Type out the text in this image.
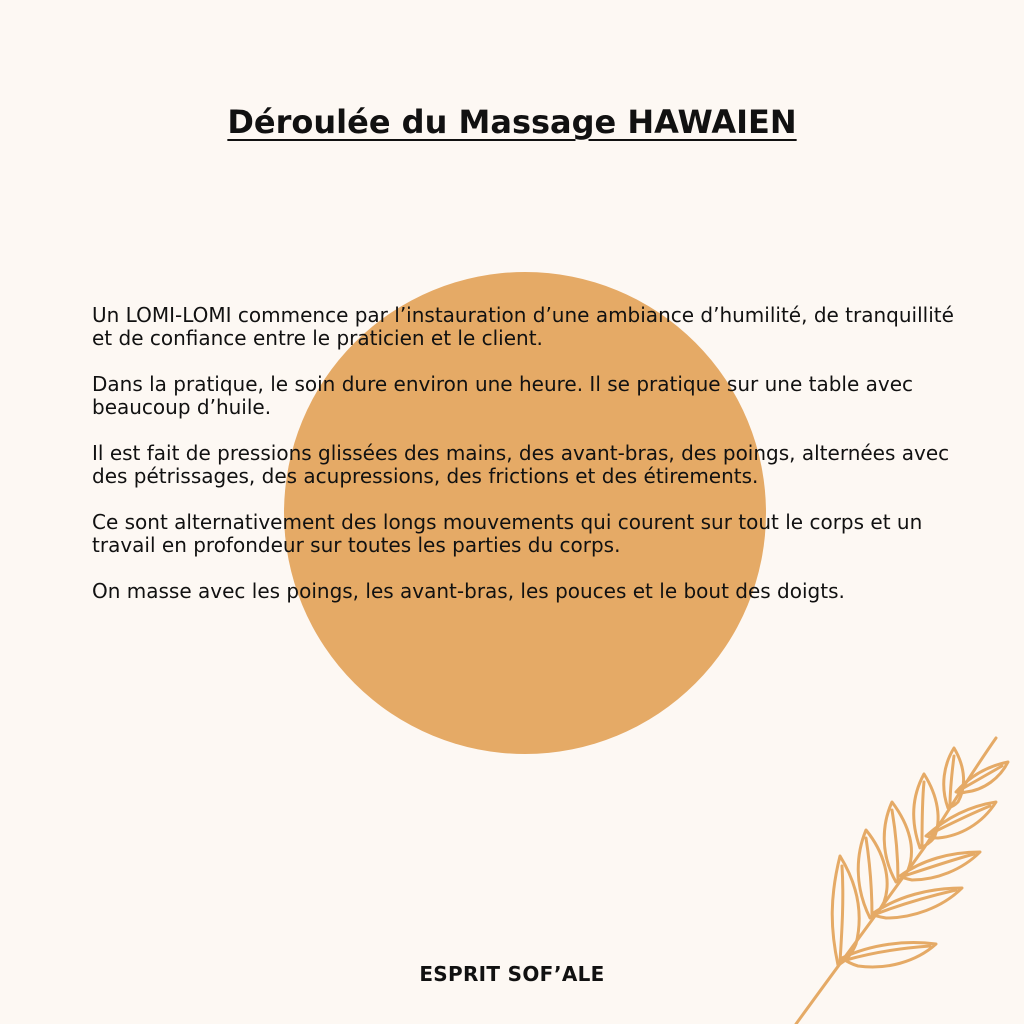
Déroulée du Massage HAWAIEN

Un LOMI-LOMI commence par l’instauration d’une ambiance d’humilité, de tranquillité et de confiance entre le praticien et le client.

Dans la pratique, le soin dure environ une heure. Il se pratique sur une table avec beaucoup d’huile.

Il est fait de pressions glissées des mains, des avant-bras, des poings, alternées avec des pétrissages, des acupressions, des frictions et des étirements.

Ce sont alternativement des longs mouvements qui courent sur tout le corps et un travail en profondeur sur toutes les parties du corps.

On masse avec les poings, les avant-bras, les pouces et le bout des doigts.

ESPRIT SOF’ALE
